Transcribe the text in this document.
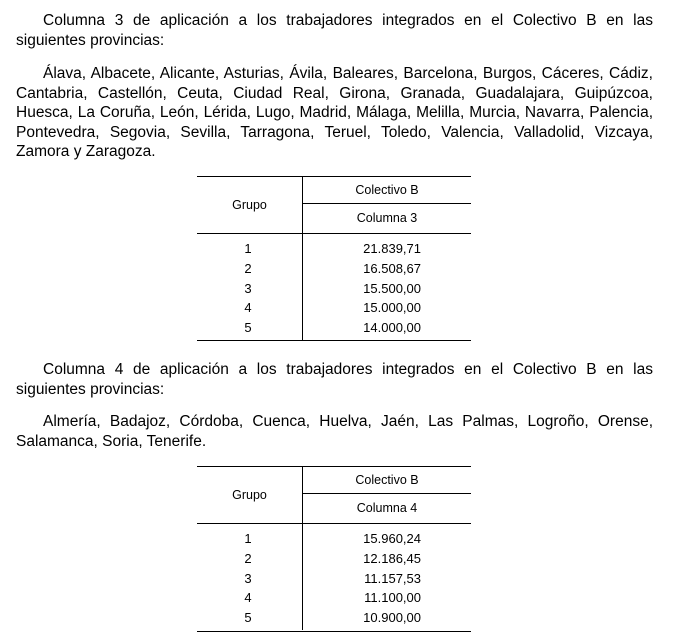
Columna 3 de aplicación a los trabajadores integrados en el Colectivo B en las siguientes provincias:

Álava, Albacete, Alicante, Asturias, Ávila, Baleares, Barcelona, Burgos, Cáceres, Cádiz, Cantabria, Castellón, Ceuta, Ciudad Real, Girona, Granada, Guadalajara, Guipúzcoa, Huesca, La Coruña, León, Lérida, Lugo, Madrid, Málaga, Melilla, Murcia, Navarra, Palencia, Pontevedra, Segovia, Sevilla, Tarragona, Teruel, Toledo, Valencia, Valladolid, Vizcaya, Zamora y Zaragoza.

Grupo
Colectivo B
Columna 3
1	21.839,71
2	16.508,67
3	15.500,00
4	15.000,00
5	14.000,00

Columna 4 de aplicación a los trabajadores integrados en el Colectivo B en las siguientes provincias:

Almería, Badajoz, Córdoba, Cuenca, Huelva, Jaén, Las Palmas, Logroño, Orense, Salamanca, Soria, Tenerife.

Grupo
Colectivo B
Columna 4
1	15.960,24
2	12.186,45
3	11.157,53
4	11.100,00
5	10.900,00
